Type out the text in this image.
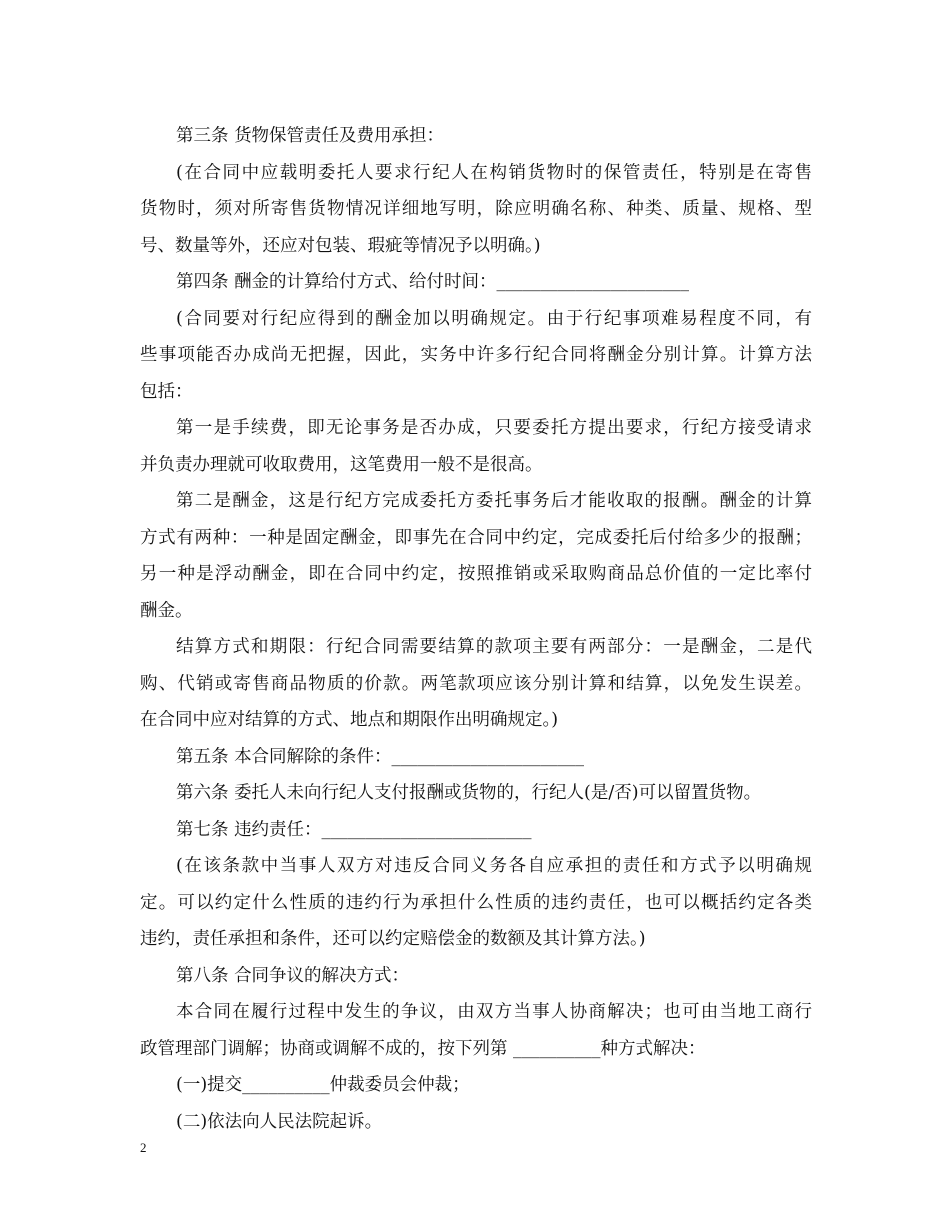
第三条 货物保管责任及费用承担：
(在合同中应载明委托人要求行纪人在构销货物时的保管责任，特别是在寄售
货物时，须对所寄售货物情况详细地写明，除应明确名称、种类、质量、规格、型
号、数量等外，还应对包装、瑕疵等情况予以明确。)
第四条 酬金的计算给付方式、给付时间：______________________
(合同要对行纪应得到的酬金加以明确规定。由于行纪事项难易程度不同，有
些事项能否办成尚无把握，因此，实务中许多行纪合同将酬金分别计算。计算方法
包括：
第一是手续费，即无论事务是否办成，只要委托方提出要求，行纪方接受请求
并负责办理就可收取费用，这笔费用一般不是很高。
第二是酬金，这是行纪方完成委托方委托事务后才能收取的报酬。酬金的计算
方式有两种：一种是固定酬金，即事先在合同中约定，完成委托后付给多少的报酬；
另一种是浮动酬金，即在合同中约定，按照推销或采取购商品总价值的一定比率付
酬金。
结算方式和期限：行纪合同需要结算的款项主要有两部分：一是酬金，二是代
购、代销或寄售商品物质的价款。两笔款项应该分别计算和结算，以免发生误差。
在合同中应对结算的方式、地点和期限作出明确规定。)
第五条 本合同解除的条件：______________________
第六条 委托人未向行纪人支付报酬或货物的，行纪人(是/否)可以留置货物。
第七条 违约责任：________________________
(在该条款中当事人双方对违反合同义务各自应承担的责任和方式予以明确规
定。可以约定什么性质的违约行为承担什么性质的违约责任，也可以概括约定各类
违约，责任承担和条件，还可以约定赔偿金的数额及其计算方法。)
第八条 合同争议的解决方式：
本合同在履行过程中发生的争议，由双方当事人协商解决；也可由当地工商行
政管理部门调解；协商或调解不成的，按下列第 __________种方式解决：
(一)提交__________仲裁委员会仲裁；
(二)依法向人民法院起诉。
2
